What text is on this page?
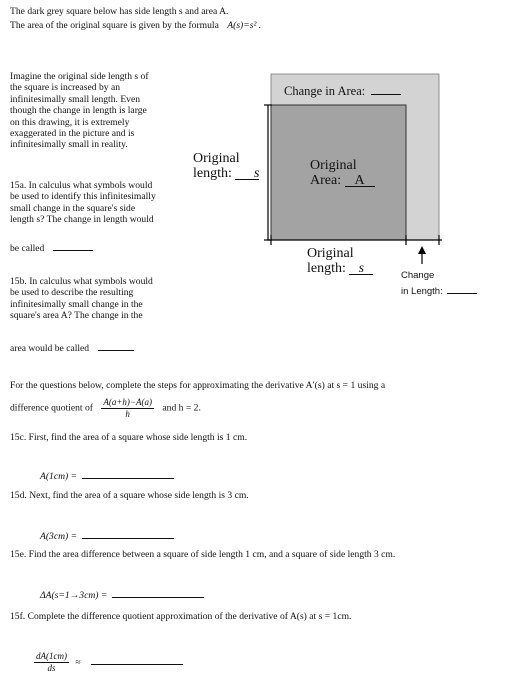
The dark grey square below has side length s and area A.
The area of the original square is given by the formula A(s)=s² .
Imagine the original side length s of
the square is increased by an
infinitesimally small length. Even
though the change in length is large
on this drawing, it is extremely
exaggerated in the picture and is
infinitesimally small in reality.
15a. In calculus what symbols would
be used to identify this infinitesimally
small change in the square's side
length s? The change in length would
be called
15b. In calculus what symbols would
be used to describe the resulting
infinitesimally small change in the
square's area A? The change in the
area would be called
Change in Area:
Original
Area: A
Original
length: s
Original
length: s	Change
in Length:
For the questions below, complete the steps for approximating the derivative A′(s) at s = 1 using a
difference quotient of $\frac{A(a+h)-A(a)}{h}$ and h = 2.
15c. First, find the area of a square whose side length is 1 cm.
A(1cm) =
15d. Next, find the area of a square whose side length is 3 cm.
A(3cm) =
15e. Find the area difference between a square of side length 1 cm, and a square of side length 3 cm.
ΔA(s=1→3cm) =
15f. Complete the difference quotient approximation of the derivative of A(s) at s = 1cm.
$\frac{dA(1cm)}{ds}$ ≈
